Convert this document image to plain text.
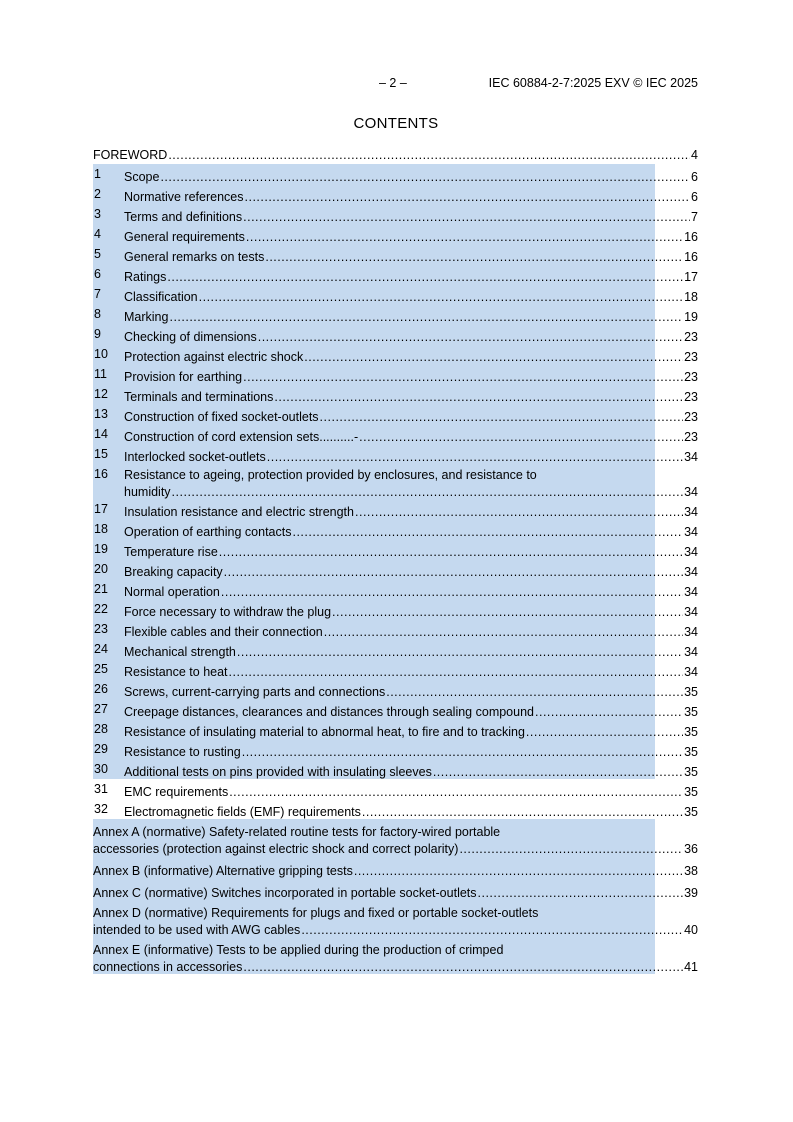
– 2 –	IEC 60884-2-7:2025 EXV © IEC 2025
CONTENTS
FOREWORD .....	4
1 Scope .....	6
2 Normative references .....	6
3 Terms and definitions .....	7
4 General requirements .....	16
5 General remarks on tests .....	16
6 Ratings .....	17
7 Classification .....	18
8 Marking .....	19
9 Checking of dimensions .....	23
10 Protection against electric shock .....	23
11 Provision for earthing .....	23
12 Terminals and terminations .....	23
13 Construction of fixed socket-outlets .....	23
14 Construction of cord extension sets..........- .....	23
15 Interlocked socket-outlets .....	34
16	Resistance to ageing, protection provided by enclosures, and resistance to
humidity .....	34
17 Insulation resistance and electric strength .....	34
18 Operation of earthing contacts .....	34
19 Temperature rise .....	34
20 Breaking capacity .....	34
21 Normal operation .....	34
22 Force necessary to withdraw the plug .....	34
23 Flexible cables and their connection .....	34
24 Mechanical strength .....	34
25 Resistance to heat .....	34
26 Screws, current-carrying parts and connections .....	35
27 Creepage distances, clearances and distances through sealing compound .....	35
28 Resistance of insulating material to abnormal heat, to fire and to tracking .....	35
29 Resistance to rusting .....	35
30 Additional tests on pins provided with insulating sleeves .....	35
31 EMC requirements .....	35
32 Electromagnetic fields (EMF) requirements .....	35
Annex A (normative) Safety-related routine tests for factory-wired portable
accessories (protection against electric shock and correct polarity) .....	36
Annex B (informative) Alternative gripping tests .....	38
Annex C (normative) Switches incorporated in portable socket-outlets .....	39
Annex D (normative) Requirements for plugs and fixed or portable socket-outlets
intended to be used with AWG cables .....	40
Annex E (informative) Tests to be applied during the production of crimped
connections in accessories .....	41
